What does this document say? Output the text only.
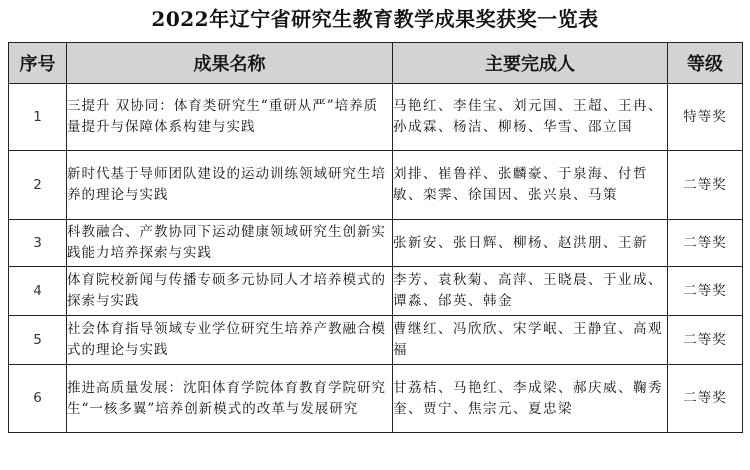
2022年辽宁省研究生教育教学成果奖获奖一览表
序号	成果名称	主要完成人	等级
1	三提升 双协同：体育类研究生“重研从严”培养质量提升与保障体系构建与实践	马艳红、李佳宝、刘元国、王超、王冉、孙成霖、杨洁、柳杨、华雪、邵立国	特等奖
2	新时代基于导师团队建设的运动训练领域研究生培养的理论与实践	刘排、崔鲁祥、张麟豪、于泉海、付哲敏、栾霁、徐国因、张兴泉、马策	二等奖
3	科教融合、产教协同下运动健康领域研究生创新实践能力培养探索与实践	张新安、张日辉、柳杨、赵洪朋、王新	二等奖
4	体育院校新闻与传播专硕多元协同人才培养模式的探索与实践	李芳、袁秋菊、高萍、王晓晨、于业成、谭淼、邰英、韩金	二等奖
5	社会体育指导领域专业学位研究生培养产教融合模式的理论与实践	曹继红、冯欣欣、宋学岷、王静宜、高观福	二等奖
6	推进高质量发展：沈阳体育学院体育教育学院研究生“一核多翼”培养创新模式的改革与发展研究	甘荔桔、马艳红、李成梁、郝庆威、鞠秀奎、贾宁、焦宗元、夏忠梁	二等奖
